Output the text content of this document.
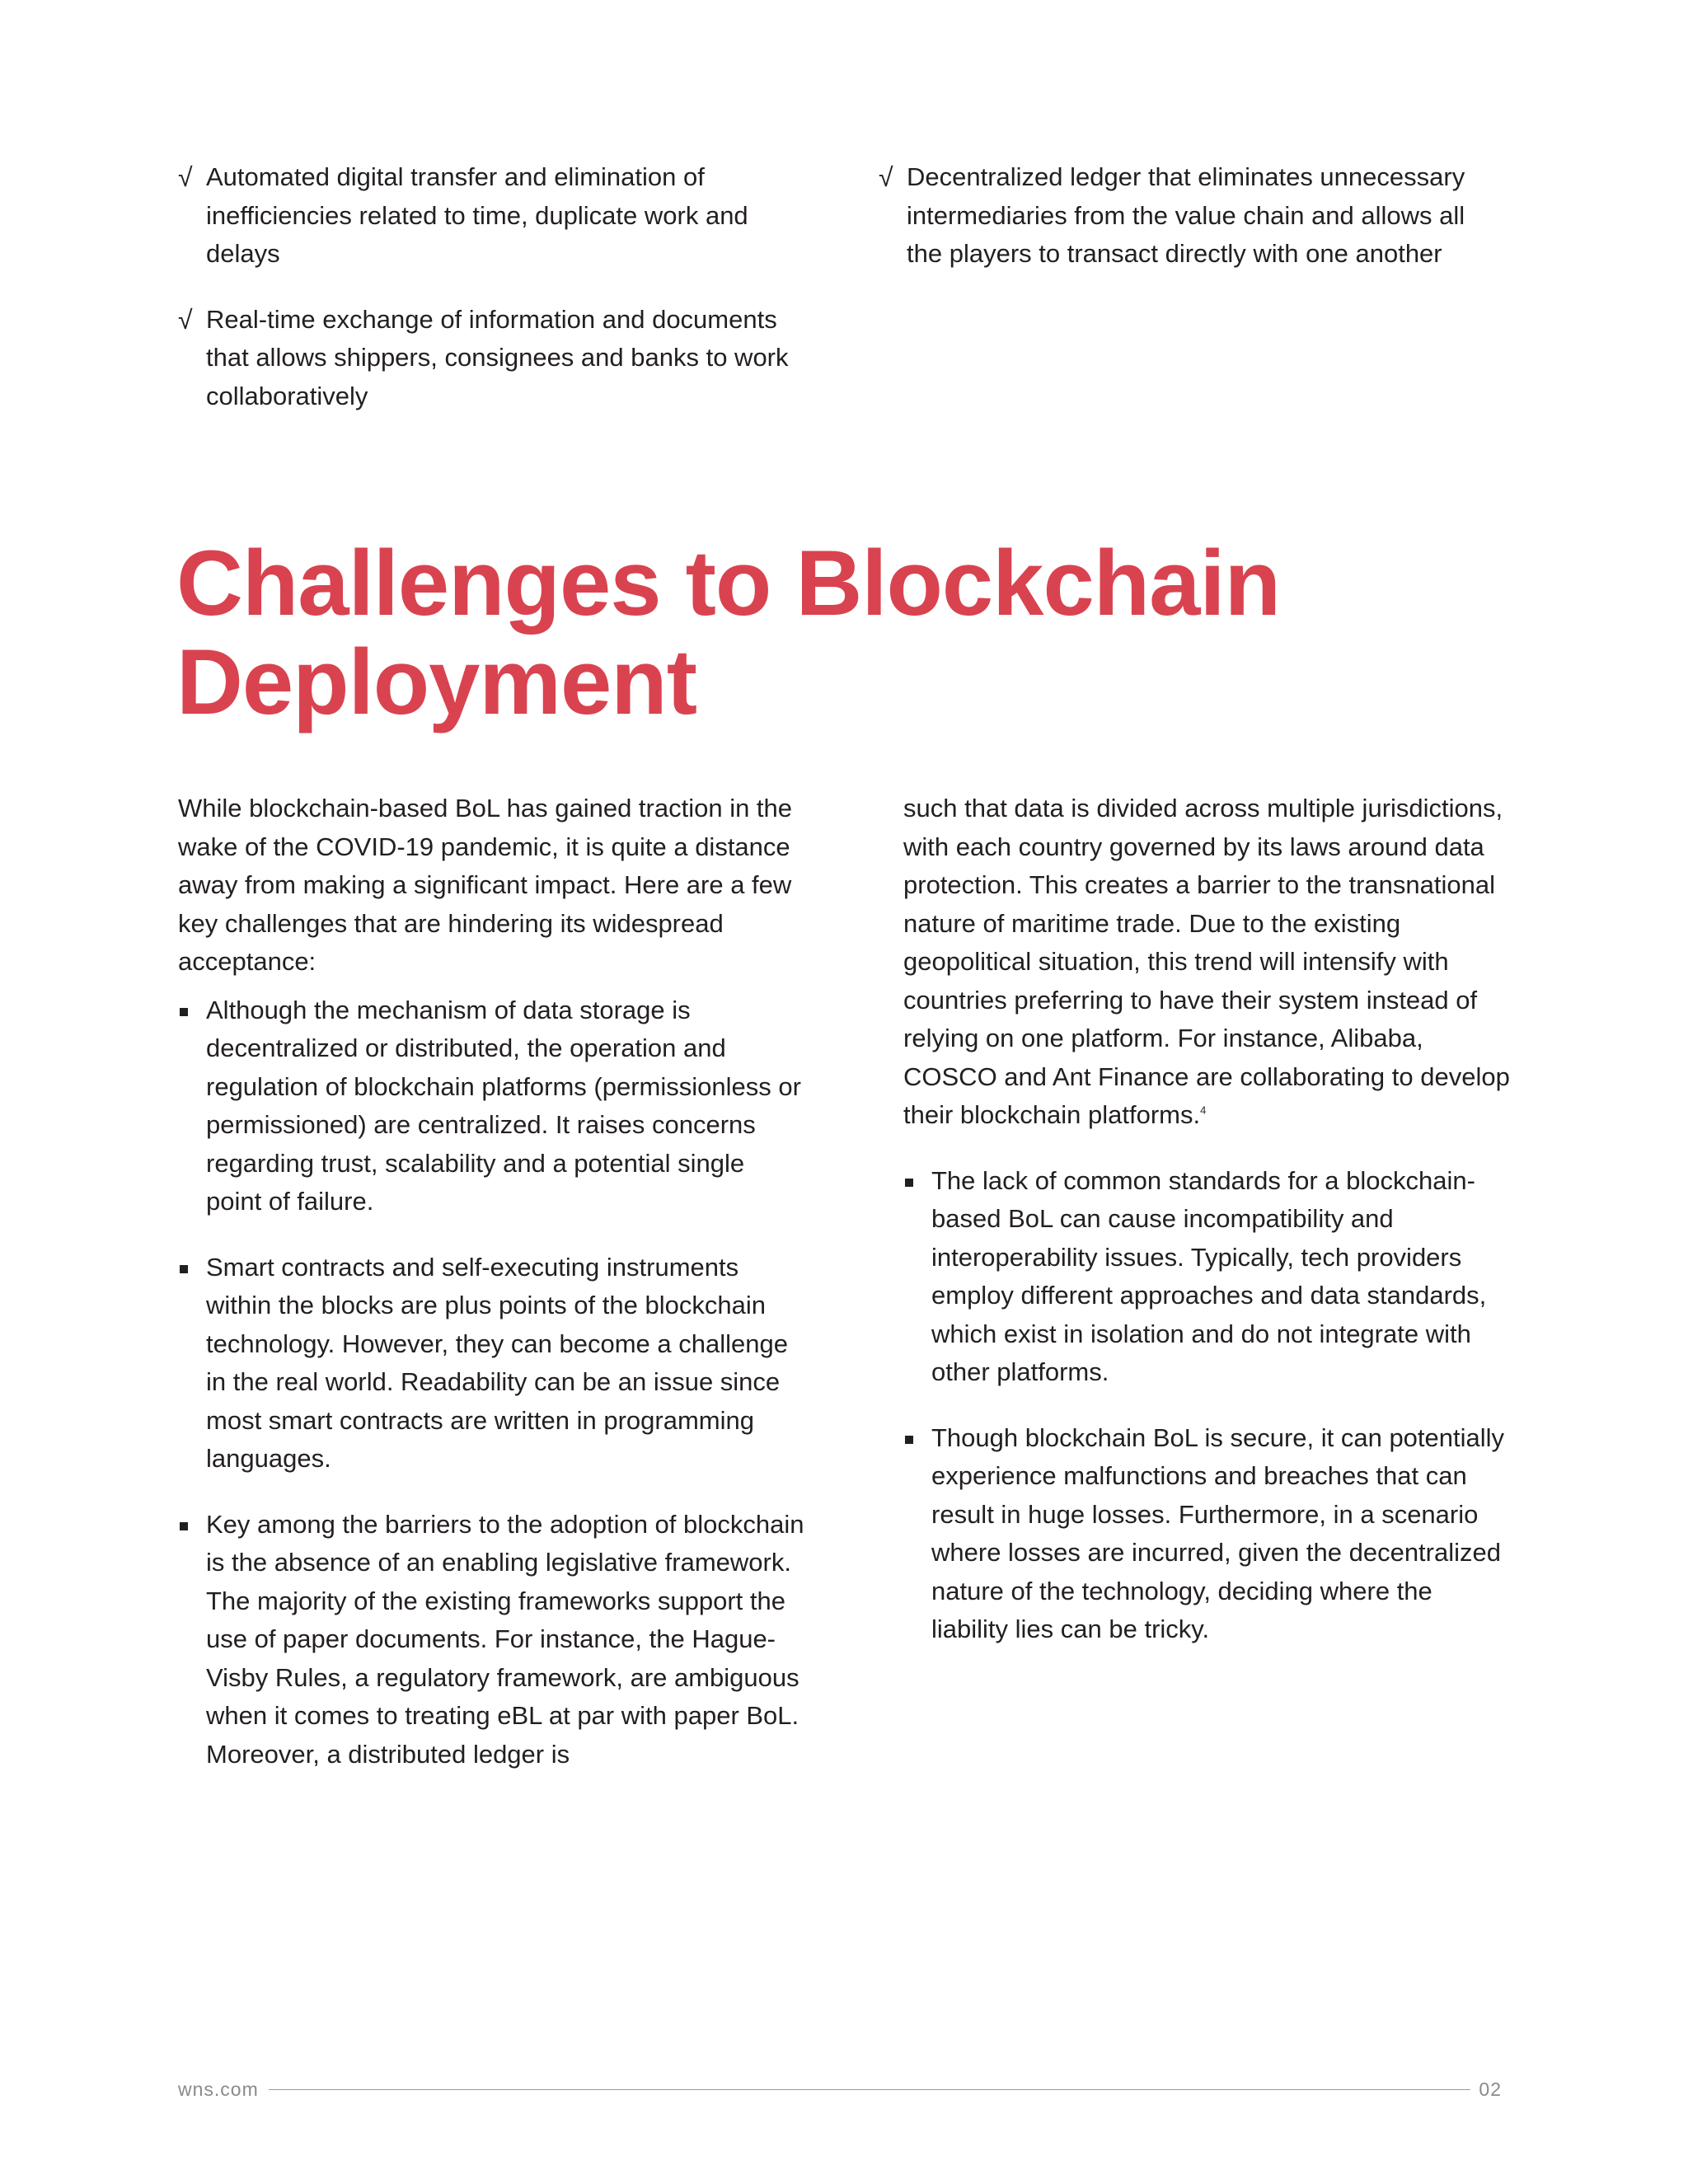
√ Automated digital transfer and elimination of inefficiencies related to time, duplicate work and delays
√ Real-time exchange of information and documents that allows shippers, consignees and banks to work collaboratively
√ Decentralized ledger that eliminates unnecessary intermediaries from the value chain and allows all the players to transact directly with one another
Challenges to Blockchain Deployment

While blockchain-based BoL has gained traction in the wake of the COVID-19 pandemic, it is quite a distance away from making a significant impact. Here are a few key challenges that are hindering its widespread acceptance:

Although the mechanism of data storage is decentralized or distributed, the operation and regulation of blockchain platforms (permissionless or permissioned) are centralized. It raises concerns regarding trust, scalability and a potential single point of failure.
Smart contracts and self-executing instruments within the blocks are plus points of the blockchain technology. However, they can become a challenge in the real world. Readability can be an issue since most smart contracts are written in programming languages.
Key among the barriers to the adoption of blockchain is the absence of an enabling legislative framework. The majority of the existing frameworks support the use of paper documents. For instance, the Hague-Visby Rules, a regulatory framework, are ambiguous when it comes to treating eBL at par with paper BoL. Moreover, a distributed ledger is

such that data is divided across multiple jurisdictions, with each country governed by its laws around data protection. This creates a barrier to the transnational nature of maritime trade. Due to the existing geopolitical situation, this trend will intensify with countries preferring to have their system instead of relying on one platform. For instance, Alibaba, COSCO and Ant Finance are collaborating to develop their blockchain platforms.$^4$

The lack of common standards for a blockchain-based BoL can cause incompatibility and interoperability issues. Typically, tech providers employ different approaches and data standards, which exist in isolation and do not integrate with other platforms.
Though blockchain BoL is secure, it can potentially experience malfunctions and breaches that can result in huge losses. Furthermore, in a scenario where losses are incurred, given the decentralized nature of the technology, deciding where the liability lies can be tricky.
wns.com	02
